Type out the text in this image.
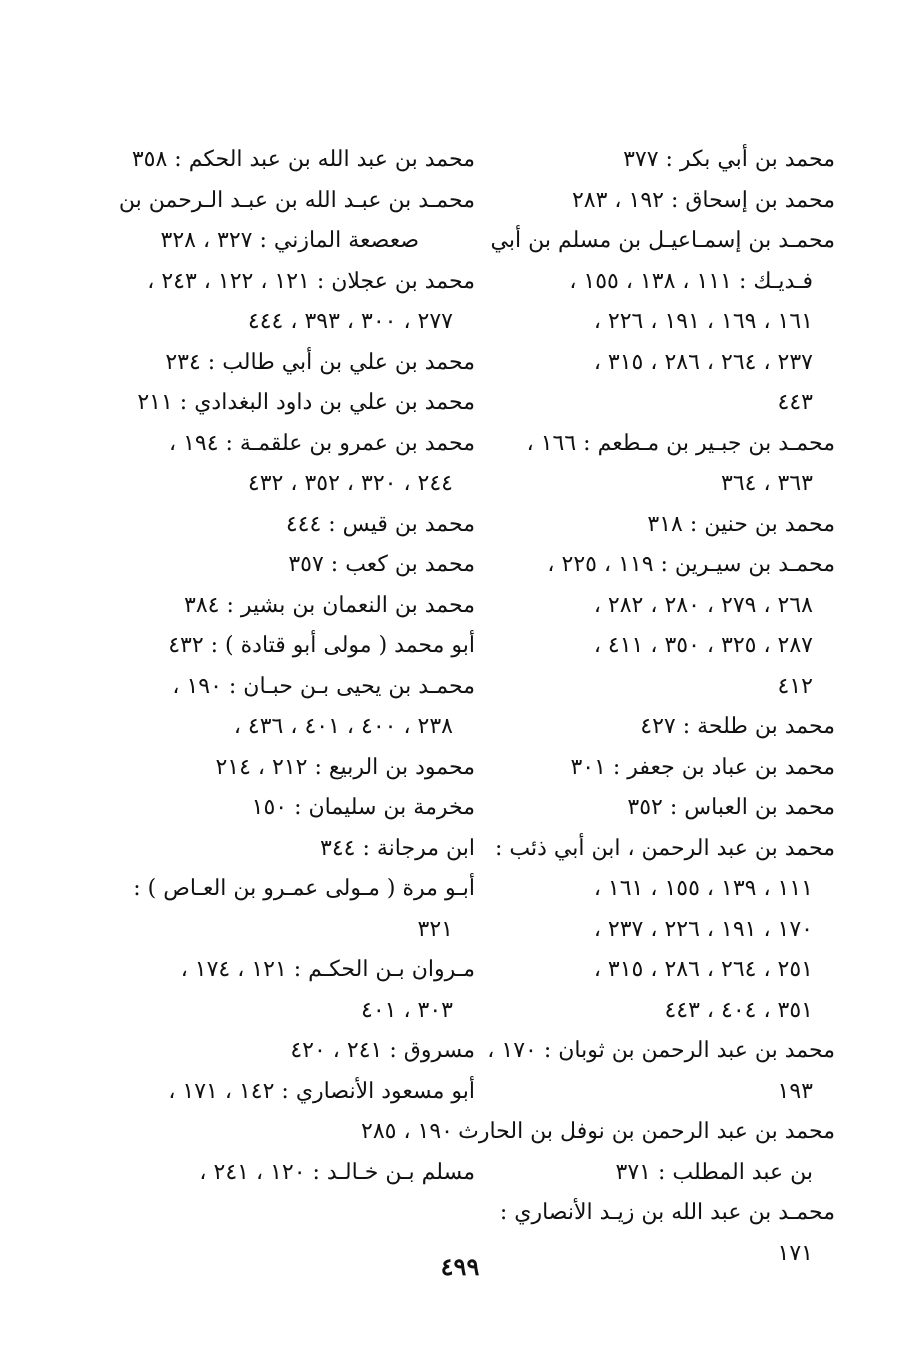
محمد بن أبي بكر : ٣٧٧
محمد بن إسحاق : ١٩٢ ، ٢٨٣
محمـد بن إسمـاعيـل بن مسلم بن أبي
فـديـك : ١١١ ، ١٣٨ ، ١٥٥ ،
١٦١ ، ١٦٩ ، ١٩١ ، ٢٢٦ ،
٢٣٧ ، ٢٦٤ ، ٢٨٦ ، ٣١٥ ،
٤٤٣
محمـد بن جبـير بن مـطعم : ١٦٦ ،
٣٦٣ ، ٣٦٤
محمد بن حنين : ٣١٨
محمـد بن سيـرين : ١١٩ ، ٢٢٥ ،
٢٦٨ ، ٢٧٩ ، ٢٨٠ ، ٢٨٢ ،
٢٨٧ ، ٣٢٥ ، ٣٥٠ ، ٤١١ ،
٤١٢
محمد بن طلحة : ٤٢٧
محمد بن عباد بن جعفر : ٣٠١
محمد بن العباس : ٣٥٢
محمد بن عبد الرحمن ، ابن أبي ذئب :
١١١ ، ١٣٩ ، ١٥٥ ، ١٦١ ،
١٧٠ ، ١٩١ ، ٢٢٦ ، ٢٣٧ ،
٢٥١ ، ٢٦٤ ، ٢٨٦ ، ٣١٥ ،
٣٥١ ، ٤٠٤ ، ٤٤٣
محمد بن عبد الرحمن بن ثوبان : ١٧٠ ،
١٩٣
محمد بن عبد الرحمن بن نوفل بن الحارث
بن عبد المطلب : ٣٧١
محمـد بن عبد الله بن زيـد الأنصاري :
١٧١
محمد بن عبد الله بن عبد الحكم : ٣٥٨
محمـد بن عبـد الله بن عبـد الـرحمن بن
صعصعة المازني : ٣٢٧ ، ٣٢٨
محمد بن عجلان : ١٢١ ، ١٢٢ ، ٢٤٣ ،
٢٧٧ ، ٣٠٠ ، ٣٩٣ ، ٤٤٤
محمد بن علي بن أبي طالب : ٢٣٤
محمد بن علي بن داود البغدادي : ٢١١
محمد بن عمرو بن علقمـة : ١٩٤ ،
٢٤٤ ، ٣٢٠ ، ٣٥٢ ، ٤٣٢
محمد بن قيس : ٤٤٤
محمد بن كعب : ٣٥٧
محمد بن النعمان بن بشير : ٣٨٤
أبو محمد ( مولى أبو قتادة ) : ٤٣٢
محمـد بن يحيى بـن حبـان : ١٩٠ ،
٢٣٨ ، ٤٠٠ ، ٤٠١ ، ٤٣٦ ،
محمود بن الربيع : ٢١٢ ، ٢١٤
مخرمة بن سليمان : ١٥٠
ابن مرجانة : ٣٤٤
أبـو مرة ( مـولى عمـرو بن العـاص ) :
٣٢١
مـروان بـن الحكـم : ١٢١ ، ١٧٤ ،
٣٠٣ ، ٤٠١
مسروق : ٢٤١ ، ٤٢٠
أبو مسعود الأنصاري : ١٤٢ ، ١٧١ ،
١٩٠ ، ٢٨٥
مسلم بـن خـالـد : ١٢٠ ، ٢٤١ ،
٤٩٩
